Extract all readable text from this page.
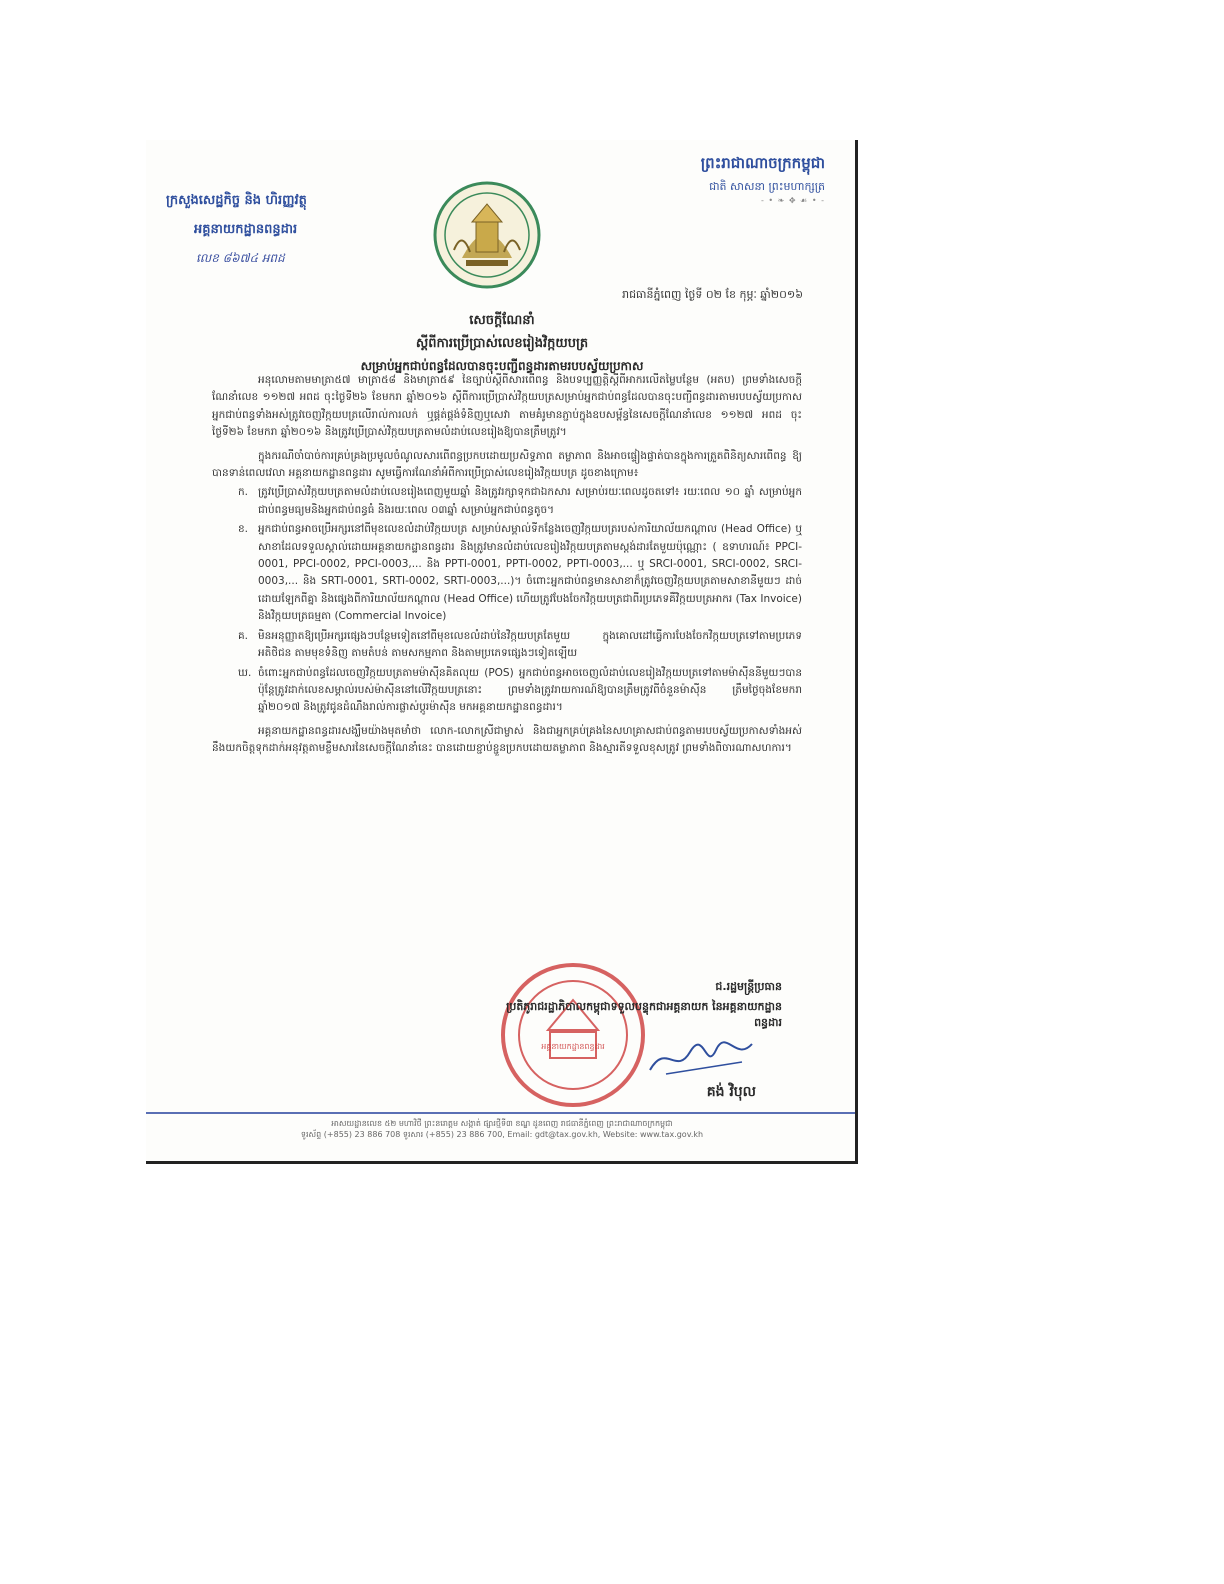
ព្រះរាជាណាចក្រកម្ពុជា
ជាតិ សាសនា ព្រះមហាក្សត្រ
- • ❧ ✥ ☙ • -
ក្រសួងសេដ្ឋកិច្ច និង ហិរញ្ញវត្ថុ
អគ្គនាយកដ្ឋានពន្ធដារ
លេខ ៨៦៧៤ អពដ
រាជធានីភ្នំពេញ ថ្ងៃទី ០២ ខែ កុម្ភៈ ឆ្នាំ២០១៦
សេចក្តីណែនាំ
ស្តីពីការប្រើប្រាស់លេខរៀងវិក្កយបត្រ
សម្រាប់អ្នកជាប់ពន្ធដែលបានចុះបញ្ជីពន្ធដារតាមរបបស្វ័យប្រកាស

អនុលោមតាមមាត្រា៥៧ មាត្រា៥៨ និងមាត្រា៥៩ នៃច្បាប់ស្តីពីសារពើពន្ធ និងបទប្បញ្ញត្តិស្តីពីអាករលើតម្លៃបន្ថែម (អតប) ព្រមទាំងសេចក្តីណែនាំលេខ ១១២៧ អពដ ចុះថ្ងៃទី២៦ ខែមករា ឆ្នាំ២០១៦ ស្តីពីការប្រើប្រាស់វិក្កយបត្រសម្រាប់អ្នកជាប់ពន្ធដែលបានចុះបញ្ជីពន្ធដារតាមរបបស្វ័យប្រកាស អ្នកជាប់ពន្ធទាំងអស់ត្រូវចេញវិក្កយបត្រលើរាល់ការលក់ ឬផ្គត់ផ្គង់ទំនិញឬសេវា តាមគំរូមានភ្ជាប់ក្នុងឧបសម្ព័ន្ធនៃសេចក្តីណែនាំលេខ ១១២៧ អពដ ចុះថ្ងៃទី២៦ ខែមករា ឆ្នាំ២០១៦ និងត្រូវប្រើប្រាស់វិក្កយបត្រតាមលំដាប់លេខរៀងឱ្យបានត្រឹមត្រូវ។

ក្នុងករណីចាំបាច់ការគ្រប់គ្រងប្រមូលចំណូលសារពើពន្ធប្រកបដោយប្រសិទ្ធភាព តម្លាភាព និងអាចផ្ទៀងផ្ទាត់បានក្នុងការត្រួតពិនិត្យសារពើពន្ធ ឱ្យបានទាន់ពេលវេលា អគ្គនាយកដ្ឋានពន្ធដារ សូមធ្វើការណែនាំអំពីការប្រើប្រាស់លេខរៀងវិក្កយបត្រ ដូចខាងក្រោម៖

ក. ត្រូវប្រើប្រាស់វិក្កយបត្រតាមលំដាប់លេខរៀងពេញមួយឆ្នាំ និងត្រូវរក្សាទុកជាឯកសារ សម្រាប់រយៈពេលដូចតទៅ៖ រយៈពេល ១០ ឆ្នាំ សម្រាប់អ្នកជាប់ពន្ធមធ្យមនិងអ្នកជាប់ពន្ធធំ និងរយៈពេល ០៣ឆ្នាំ សម្រាប់អ្នកជាប់ពន្ធតូច។
ខ. អ្នកជាប់ពន្ធអាចប្រើអក្សរនៅពីមុខលេខលំដាប់វិក្កយបត្រ សម្រាប់សម្គាល់ទីកន្លែងចេញវិក្កយបត្ររបស់ការិយាល័យកណ្តាល (Head Office) ឬសាខាដែលទទួលស្គាល់ដោយអគ្គនាយកដ្ឋានពន្ធដារ និងត្រូវមានលំដាប់លេខរៀងវិក្កយបត្រតាមស្តង់ដារតែមួយប៉ុណ្ណោះ ( ឧទាហរណ៍៖ PPCI-0001, PPCI-0002, PPCI-0003,... និង PPTI-0001, PPTI-0002, PPTI-0003,... ឬ SRCI-0001, SRCI-0002, SRCI-0003,... និង SRTI-0001, SRTI-0002, SRTI-0003,...)។ ចំពោះអ្នកជាប់ពន្ធមានសាខាក៏ត្រូវចេញវិក្កយបត្រតាមសាខានីមួយៗ ដាច់ដោយឡែកពីគ្នា និងផ្សេងពីការិយាល័យកណ្តាល (Head Office) ហើយត្រូវបែងចែកវិក្កយបត្រជាពីរប្រភេទគឺវិក្កយបត្រអាករ (Tax Invoice) និងវិក្កយបត្រធម្មតា (Commercial Invoice)
គ. មិនអនុញ្ញាតឱ្យប្រើអក្សរផ្សេងៗបន្ថែមទៀតនៅពីមុខលេខលំដាប់នៃវិក្កយបត្រតែមួយ ក្នុងគោលដៅធ្វើការបែងចែកវិក្កយបត្រទៅតាមប្រភេទអតិថិជន តាមមុខទំនិញ តាមតំបន់ តាមសកម្មភាព និងតាមប្រភេទផ្សេងៗទៀតឡើយ
ឃ. ចំពោះអ្នកជាប់ពន្ធដែលចេញវិក្កយបត្រតាមម៉ាស៊ីនគិតលុយ (POS) អ្នកជាប់ពន្ធអាចចេញលំដាប់លេខរៀងវិក្កយបត្រទៅតាមម៉ាស៊ីននីមួយៗបាន ប៉ុន្តែត្រូវដាក់លេខសម្គាល់របស់ម៉ាស៊ីននៅលើវិក្កយបត្រនោះ ព្រមទាំងត្រូវរាយការណ៍ឱ្យបានត្រឹមត្រូវពីចំនួនម៉ាស៊ីន ត្រឹមថ្ងៃចុងខែមករា ឆ្នាំ២០១៧ និងត្រូវជូនដំណឹងរាល់ការផ្លាស់ប្តូរម៉ាស៊ីន មកអគ្គនាយកដ្ឋានពន្ធដារ។

អគ្គនាយកដ្ឋានពន្ធដារសង្ឃឹមយ៉ាងមុតមាំថា លោក-លោកស្រីជាម្ចាស់ និងជាអ្នកគ្រប់គ្រងនៃសហគ្រាសជាប់ពន្ធតាមរបបស្វ័យប្រកាសទាំងអស់ នឹងយកចិត្តទុកដាក់អនុវត្តតាមខ្លឹមសារនៃសេចក្តីណែនាំនេះ បានដោយខ្ជាប់ខ្ជួនប្រកបដោយតម្លាភាព និងស្មារតីទទួលខុសត្រូវ ព្រមទាំងពិចារណាសហការ។

អគ្គនាយកដ្ឋានពន្ធដារ
ជ.រដ្ឋមន្ត្រីប្រធាន
ប្រតិភូរាជរដ្ឋាភិបាលកម្ពុជាទទួលបន្ទុកជាអគ្គនាយក នៃអគ្គនាយកដ្ឋានពន្ធដារ
គង់ វិបុល
អាសយដ្ឋានលេខ ៥២ មហាវិថី ព្រះនរោត្តម សង្កាត់ ផ្សារថ្មីទី៣ ខណ្ឌ ដូនពេញ រាជធានីភ្នំពេញ ព្រះរាជាណាចក្រកម្ពុជា
ទូរស័ព្ទ (+855) 23 886 708 ទូរសារ (+855) 23 886 700, Email: gdt@tax.gov.kh, Website: www.tax.gov.kh
